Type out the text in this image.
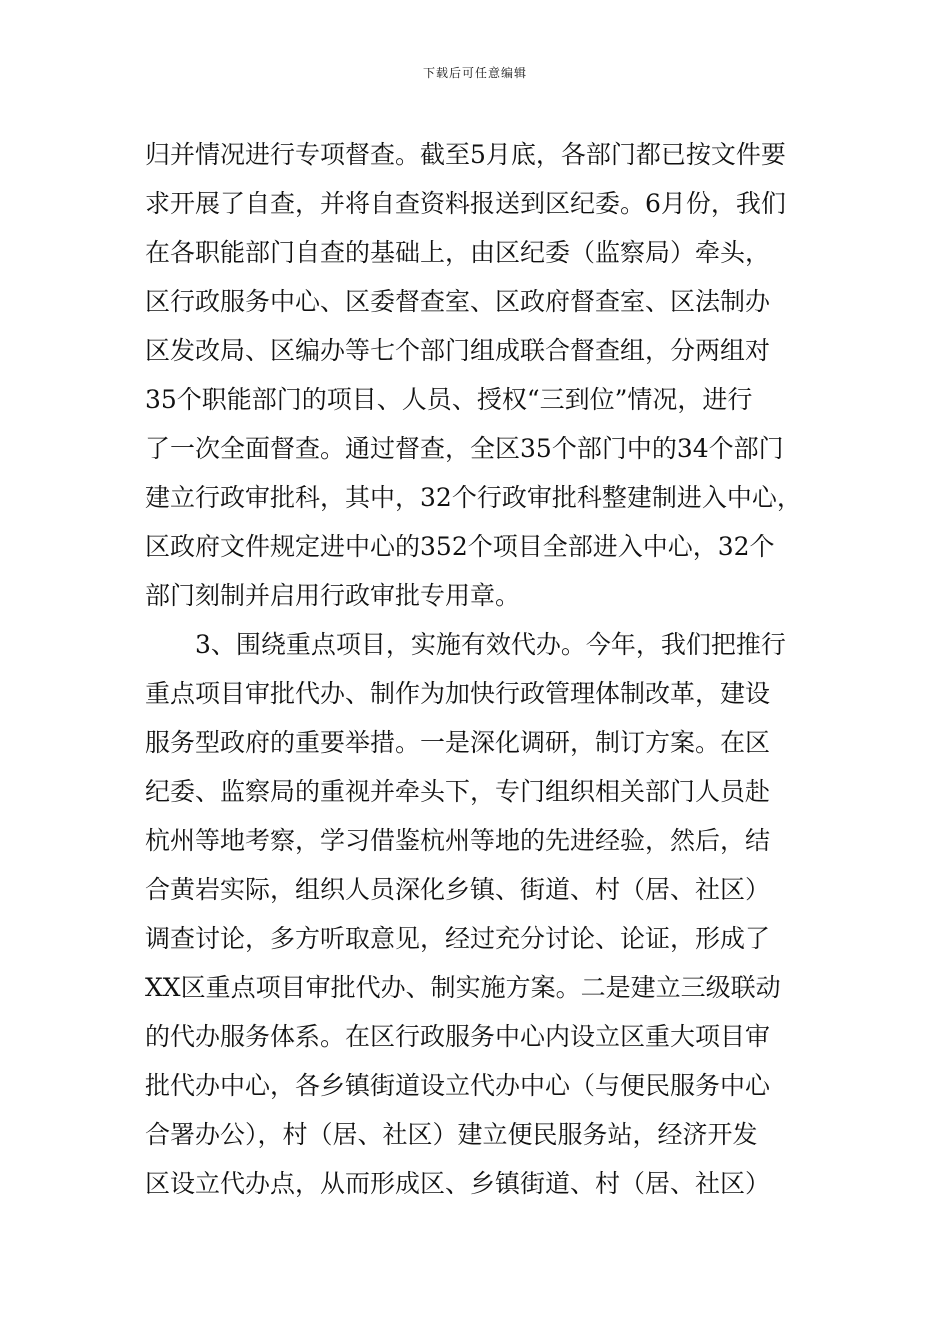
下载后可任意编辑
归并情况进行专项督查。截至5月底，各部门都已按文件要
求开展了自查，并将自查资料报送到区纪委。6月份，我们
在各职能部门自查的基础上，由区纪委（监察局）牵头，
区行政服务中心、区委督查室、区政府督查室、区法制办
区发改局、区编办等七个部门组成联合督查组，分两组对
35个职能部门的项目、人员、授权“三到位”情况，进行
了一次全面督查。通过督查，全区35个部门中的34个部门
建立行政审批科，其中，32个行政审批科整建制进入中心，
区政府文件规定进中心的352个项目全部进入中心，32个
部门刻制并启用行政审批专用章。
　　3、围绕重点项目，实施有效代办。今年，我们把推行
重点项目审批代办、制作为加快行政管理体制改革，建设
服务型政府的重要举措。一是深化调研，制订方案。在区
纪委、监察局的重视并牵头下，专门组织相关部门人员赴
杭州等地考察，学习借鉴杭州等地的先进经验，然后，结
合黄岩实际，组织人员深化乡镇、街道、村（居、社区）
调查讨论，多方听取意见，经过充分讨论、论证，形成了
XX区重点项目审批代办、制实施方案。二是建立三级联动
的代办服务体系。在区行政服务中心内设立区重大项目审
批代办中心，各乡镇街道设立代办中心（与便民服务中心
合署办公），村（居、社区）建立便民服务站，经济开发
区设立代办点，从而形成区、乡镇街道、村（居、社区）
